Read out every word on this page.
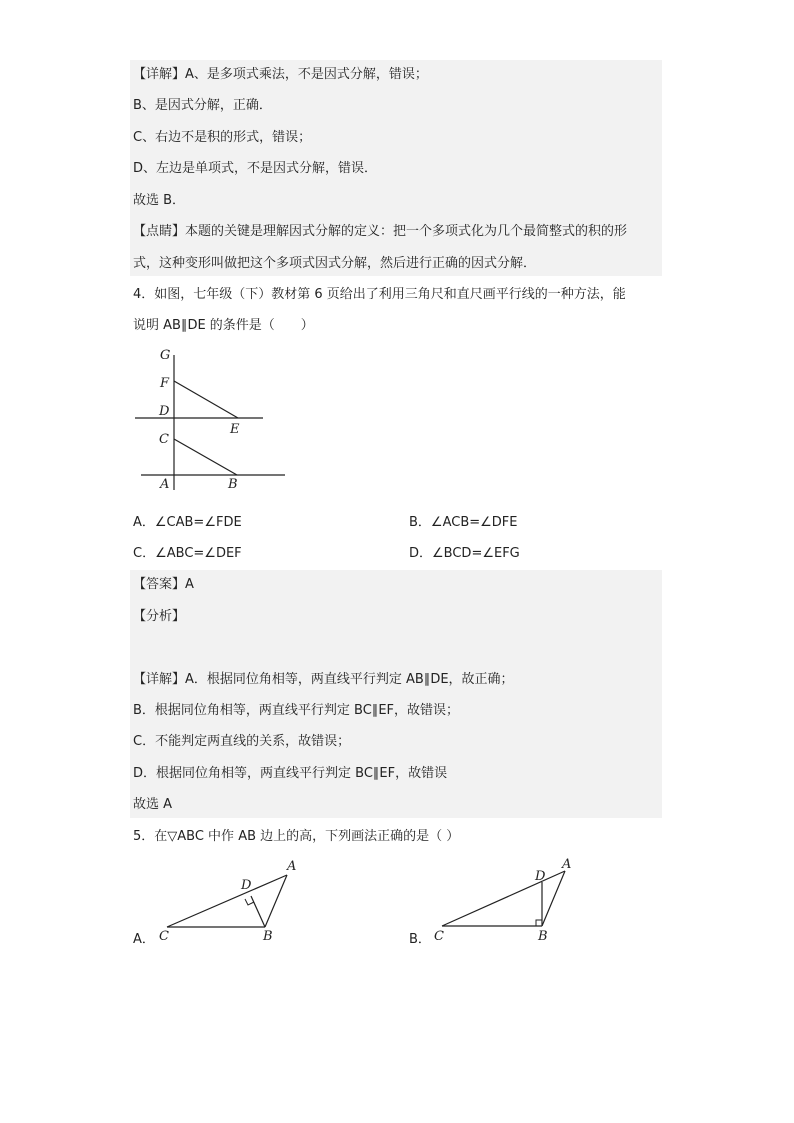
【详解】A、是多项式乘法，不是因式分解，错误；
B、是因式分解，正确．
C、右边不是积的形式，错误；
D、左边是单项式，不是因式分解，错误．
故选 B．
【点睛】本题的关键是理解因式分解的定义：把一个多项式化为几个最简整式的积的形
式，这种变形叫做把这个多项式因式分解，然后进行正确的因式分解．
4．如图，七年级（下）教材第 6 页给出了利用三角尺和直尺画平行线的一种方法，能
说明 AB∥DE 的条件是（　　）
G
F
D
E
C
A	B
A．∠CAB=∠FDE	B．∠ACB=∠DFE
C．∠ABC=∠DEF	D．∠BCD=∠EFG
【答案】A
【分析】
【详解】A．根据同位角相等，两直线平行判定 AB∥DE，故正确；
B．根据同位角相等，两直线平行判定 BC∥EF，故错误；
C．不能判定两直线的关系，故错误；
D．根据同位角相等，两直线平行判定 BC∥EF，故错误
故选 A
5．在▽ABC 中作 AB 边上的高，下列画法正确的是（ ）
A．
A
D
C	B	B．
A
D
C	B
